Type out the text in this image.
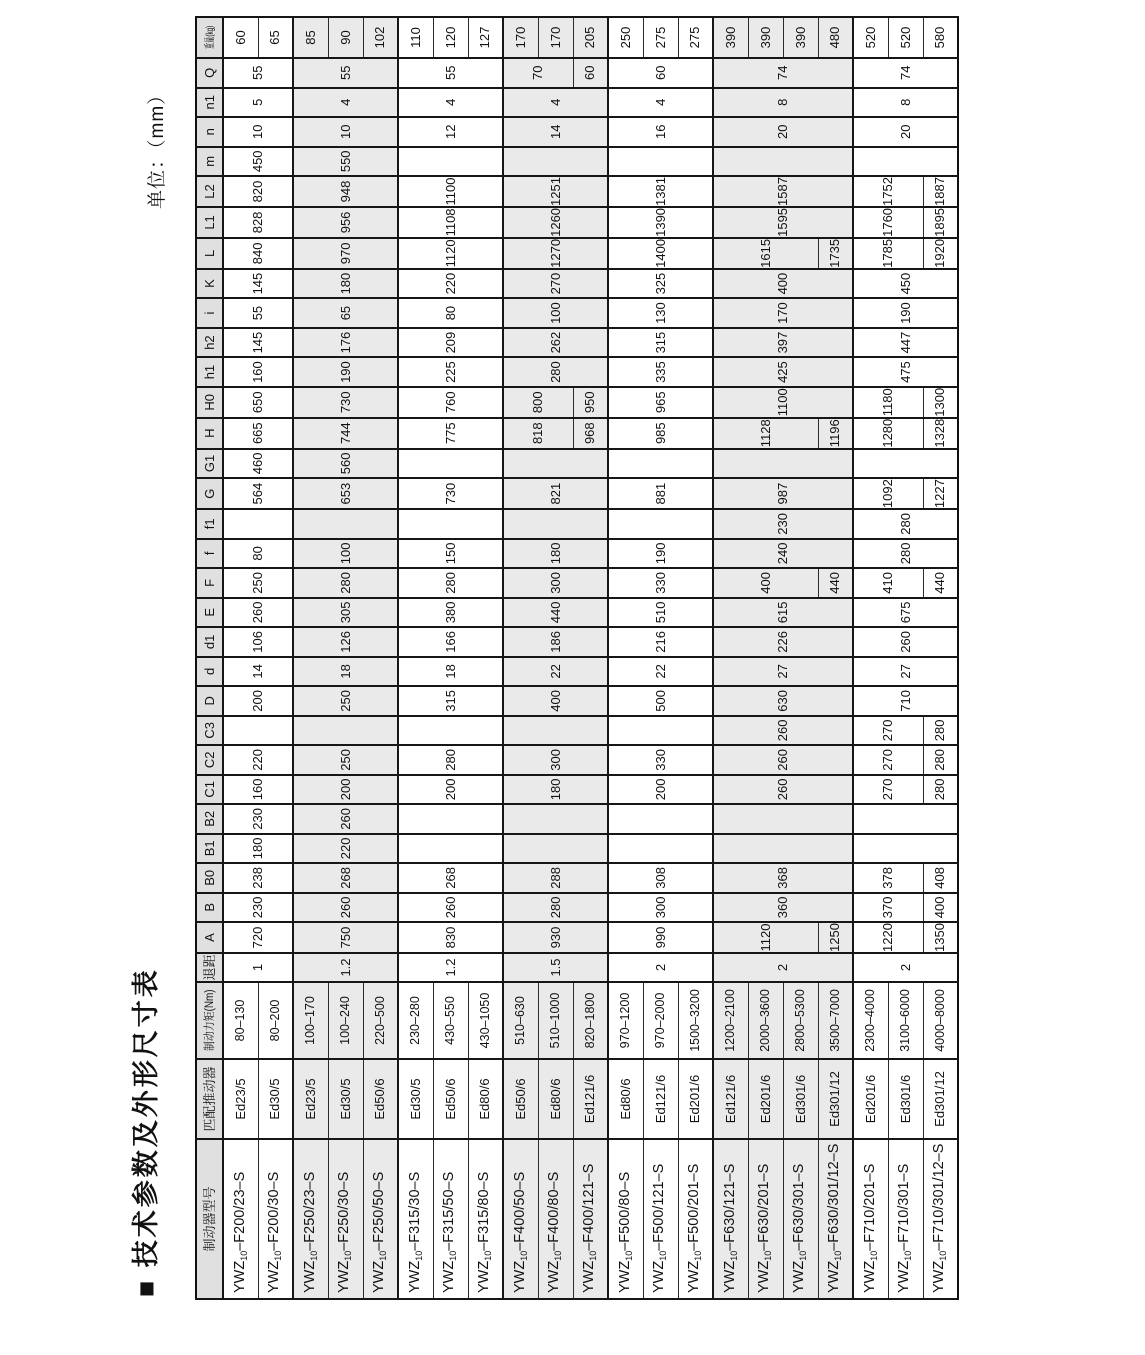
■ 技术参数及外形尺寸表
单位：（mm）
制动器型号	匹配推动器	制动力矩(Nm)	退距	A	B	B0	B1	B2	C1	C2	C3	D	d	d1	E	F	f	f1	G	G1	H	H0	h1	h2	i	K	L	L1	L2	m	n	n1	Q	重量(kg)
$YWZ_{10}-F200/23-S$	Ed23/5	80–130	1	720	230	238	180	230	160	220		200	14	106	260	250	80		564	460	665	650	160	145	55	145	840	828	820	450	10	5	55	60
$YWZ_{10}-F200/30-S$	Ed30/5	80–200																																65
$YWZ_{10}-F250/23-S$	Ed23/5	100–170	1.2	750	260	268	220	260	200	250		250	18	126	305	280	100		653	560	744	730	190	176	65	180	970	956	948	550	10	4	55	85
$YWZ_{10}-F250/30-S$	Ed30/5	100–240																																90
$YWZ_{10}-F250/50-S$	Ed50/6	220–500																																102
$YWZ_{10}-F315/30-S$	Ed30/5	230–280	1.2	830	260	268			200	280		315	18	166	380	280	150		730		775	760	225	209	80	220	1120	1108	1100		12	4	55	110
$YWZ_{10}-F315/50-S$	Ed50/6	430–550																																120
$YWZ_{10}-F315/80-S$	Ed80/6	430–1050																																127
$YWZ_{10}-F400/50-S$	Ed50/6	510–630	1.5	930	280	288			180	300		400	22	186	440	300	180		821		818	800	280	262	100	270	1270	1260	1251		14	4	70	170
$YWZ_{10}-F400/80-S$	Ed80/6	510–1000																																170
$YWZ_{10}-F400/121-S$	Ed121/6	820–1800																			968	950											60	205
$YWZ_{10}-F500/80-S$	Ed80/6	970–1200	2	990	300	308			200	330		500	22	216	510	330	190		881		985	965	335	315	130	325	1400	1390	1381		16	4	60	250
$YWZ_{10}-F500/121-S$	Ed121/6	970–2000																																275
$YWZ_{10}-F500/201-S$	Ed201/6	1500–3200																																275
$YWZ_{10}-F630/121-S$	Ed121/6	1200–2100	2	1120	360	368			260	260	260	630	27	226	615	400	240	230	987		1128	1100	425	397	170	400	1615	1595	1587		20	8	74	390
$YWZ_{10}-F630/201-S$	Ed201/6	2000–3600																																390
$YWZ_{10}-F630/301-S$	Ed301/6	2800–5300																																390
$YWZ_{10}-F630/301/12-S$	Ed301/12	3500–7000		1250												440					1196						1735							480
$YWZ_{10}-F710/201-S$	Ed201/6	2300–4000	2	1220	370	378			270	270	270	710	27	260	675	410	280	280	1092		1280	1180	475	447	190	450	1785	1760	1752		20	8	74	520
$YWZ_{10}-F710/301-S$	Ed301/6	3100–6000																																520
$YWZ_{10}-F710/301/12-S$	Ed301/12	4000–8000		1350	400	408			280	280	280					440			1227		1328	1300					1920	1895	1887					580
